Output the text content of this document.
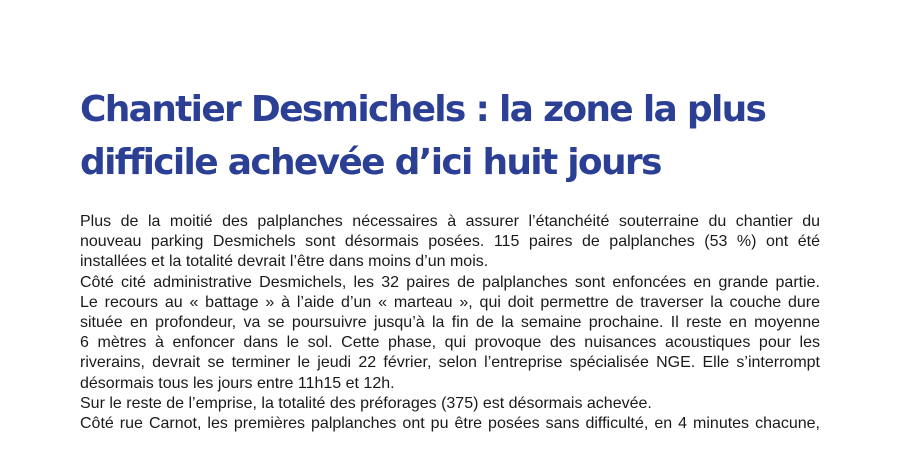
Chantier Desmichels : la zone la plus
difficile achevée d’ici huit jours
Plus de la moitié des palplanches nécessaires à assurer l’étanchéité souterraine du chantier du
nouveau parking Desmichels sont désormais posées. 115 paires de palplanches (53 %) ont été
installées et la totalité devrait l’être dans moins d’un mois.
Côté cité administrative Desmichels, les 32 paires de palplanches sont enfoncées en grande partie.
Le recours au « battage » à l’aide d’un « marteau », qui doit permettre de traverser la couche dure
située en profondeur, va se poursuivre jusqu’à la fin de la semaine prochaine. Il reste en moyenne
6 mètres à enfoncer dans le sol. Cette phase, qui provoque des nuisances acoustiques pour les
riverains, devrait se terminer le jeudi 22 février, selon l’entreprise spécialisée NGE. Elle s’interrompt
désormais tous les jours entre 11h15 et 12h.
Sur le reste de l’emprise, la totalité des préforages (375) est désormais achevée.
Côté rue Carnot, les premières palplanches ont pu être posées sans difficulté, en 4 minutes chacune,
